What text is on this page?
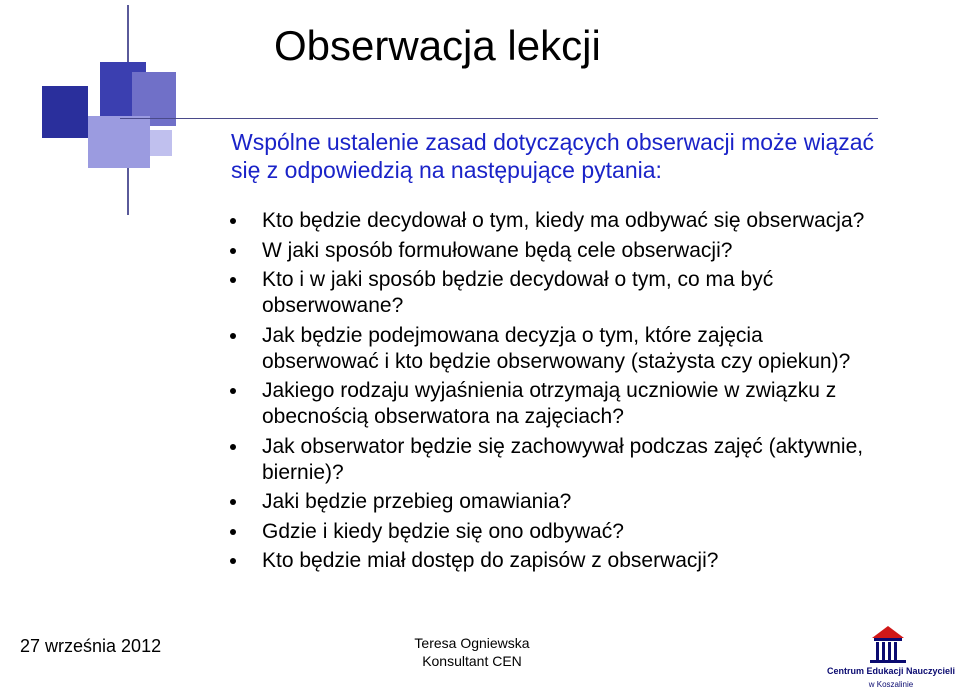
Obserwacja lekcji
Wspólne ustalenie zasad dotyczących obserwacji może wiązać się z odpowiedzią na następujące pytania:
Kto będzie decydował o tym, kiedy ma odbywać się obserwacja?
W jaki sposób formułowane będą cele obserwacji?
Kto i w jaki sposób będzie decydował o tym, co ma być obserwowane?
Jak będzie podejmowana decyzja o tym, które zajęcia obserwować i kto będzie obserwowany (stażysta czy opiekun)?
Jakiego rodzaju wyjaśnienia otrzymają uczniowie w związku z obecnością obserwatora na zajęciach?
Jak obserwator będzie się zachowywał podczas zajęć (aktywnie, biernie)?
Jaki będzie przebieg omawiania?
Gdzie i kiedy będzie się ono odbywać?
Kto będzie miał dostęp do zapisów z obserwacji?
27 września 2012	Teresa Ogniewska
Konsultant CEN
Centrum Edukacji Nauczycieli
w Koszalinie
